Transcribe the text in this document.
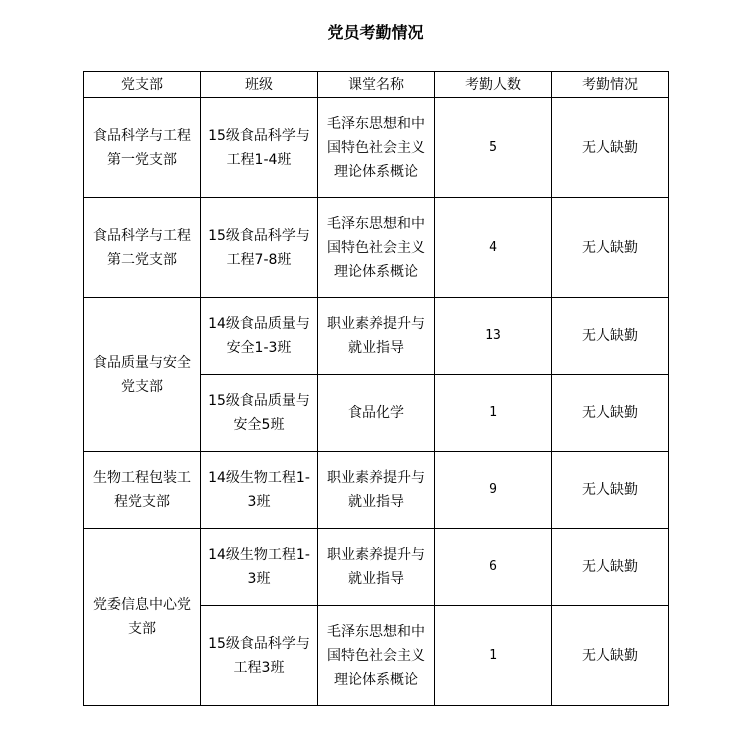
党员考勤情况
党支部	班级	课堂名称	考勤人数	考勤情况

食品科学与工程第一党支部	15级食品科学与工程1-4班	毛泽东思想和中国特色社会主义理论体系概论	5	无人缺勤

食品科学与工程第二党支部	15级食品科学与工程7-8班	毛泽东思想和中国特色社会主义理论体系概论	4	无人缺勤

食品质量与安全党支部	14级食品质量与安全1-3班	职业素养提升与就业指导	13	无人缺勤

	15级食品质量与安全5班	食品化学	1	无人缺勤

生物工程包装工程党支部	14级生物工程1-3班	职业素养提升与就业指导	9	无人缺勤

党委信息中心党支部	14级生物工程1-3班	职业素养提升与就业指导	6	无人缺勤

	15级食品科学与工程3班	毛泽东思想和中国特色社会主义理论体系概论	1	无人缺勤
